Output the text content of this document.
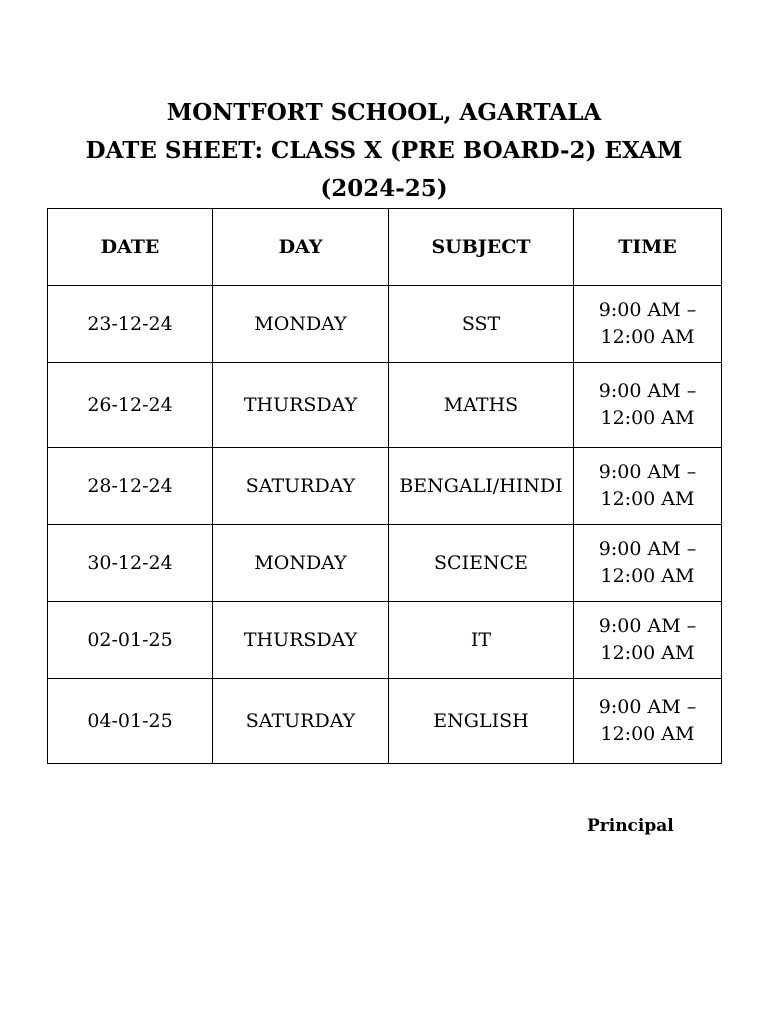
MONTFORT SCHOOL, AGARTALA
DATE SHEET: CLASS X (PRE BOARD-2) EXAM
(2024-25)
DATE	DAY	SUBJECT	TIME
23-12-24	MONDAY	SST	9:00 AM –
12:00 AM

26-12-24	THURSDAY	MATHS	9:00 AM –
12:00 AM

28-12-24	SATURDAY	BENGALI/HINDI	9:00 AM –
12:00 AM

30-12-24	MONDAY	SCIENCE	9:00 AM –
12:00 AM

02-01-25	THURSDAY	IT	9:00 AM –
12:00 AM

04-01-25	SATURDAY	ENGLISH	9:00 AM –
12:00 AM
Principal
